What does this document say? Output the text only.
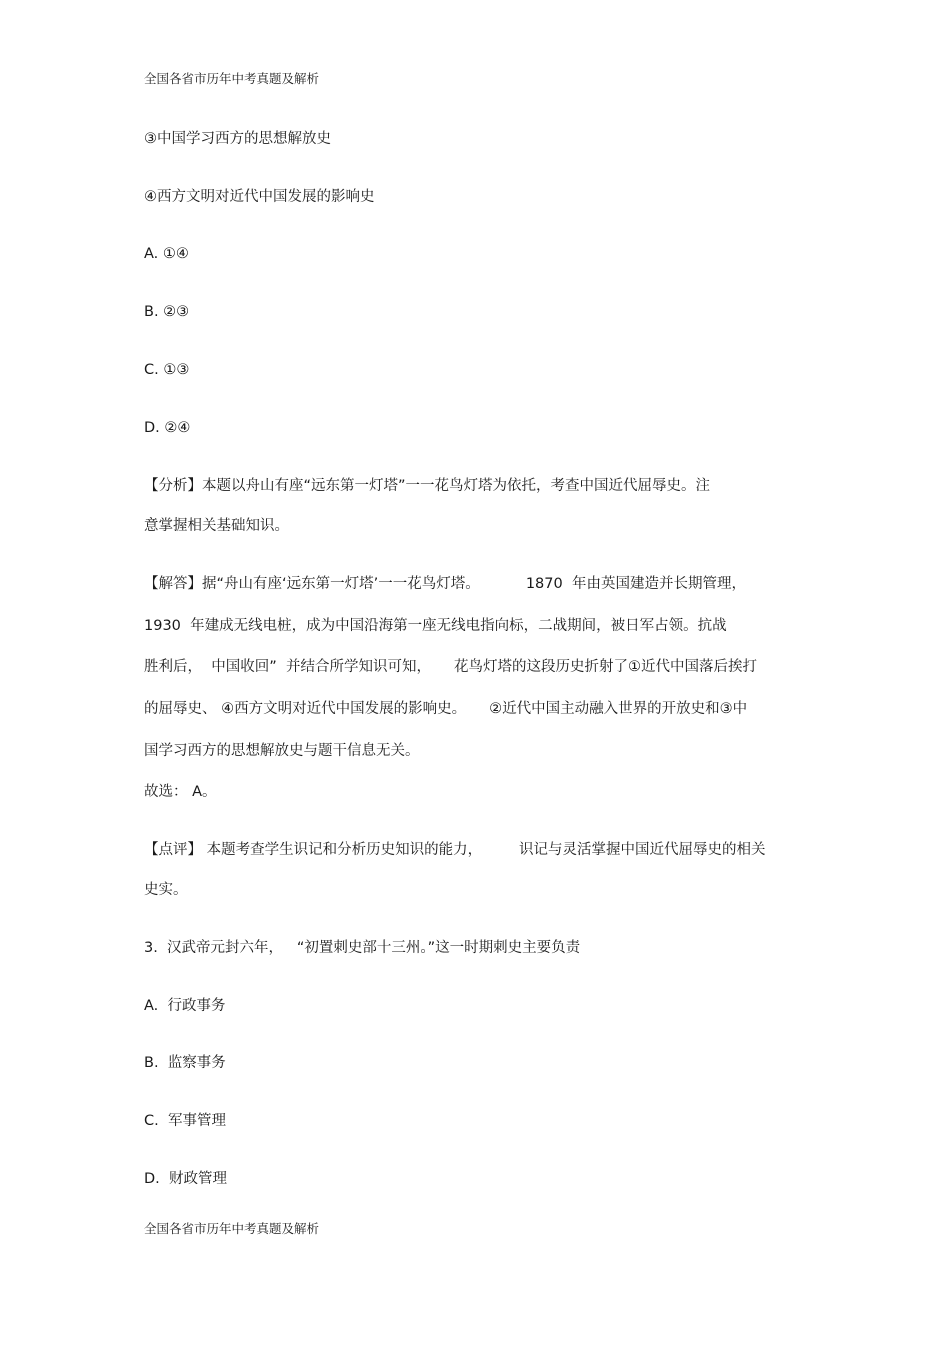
全国各省市历年中考真题及解析

③中国学习西方的思想解放史

④西方文明对近代中国发展的影响史

A. ①④

B. ②③

C. ①③

D. ②④

【分析】本题以舟山有座“远东第一灯塔”一一花鸟灯塔为依托，考查中国近代屈辱史。注

意掌握相关基础知识。

【解答】据“舟山有座‘远东第一灯塔’一一花鸟灯塔。          1870  年由英国建造并长期管理，

1930  年建成无线电桩，成为中国沿海第一座无线电指向标，二战期间，被日军占领。抗战

胜利后，  中国收回”  并结合所学知识可知，     花鸟灯塔的这段历史折射了①近代中国落后挨打

的屈辱史、 ④西方文明对近代中国发展的影响史。     ②近代中国主动融入世界的开放史和③中

国学习西方的思想解放史与题干信息无关。

故选： A。

【点评】 本题考查学生识记和分析历史知识的能力，        识记与灵活掌握中国近代屈辱史的相关

史实。

3.  汉武帝元封六年，   “初置刺史部十三州。”这一时期刺史主要负责

A.  行政事务

B.  监察事务

C.  军事管理

D.  财政管理

全国各省市历年中考真题及解析
